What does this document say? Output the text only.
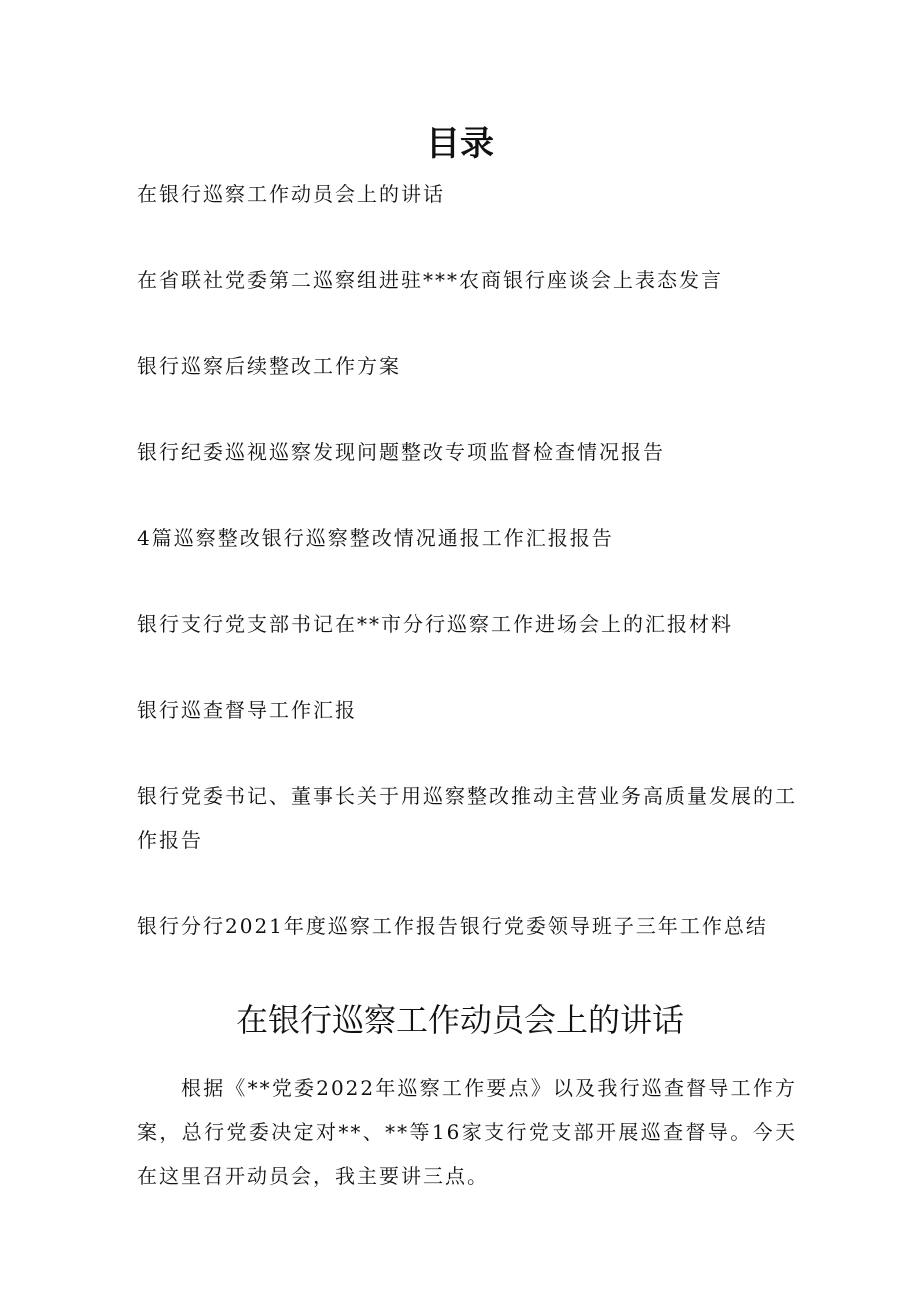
目录
在银行巡察工作动员会上的讲话
在省联社党委第二巡察组进驻***农商银行座谈会上表态发言
银行巡察后续整改工作方案
银行纪委巡视巡察发现问题整改专项监督检查情况报告
4篇巡察整改银行巡察整改情况通报工作汇报报告
银行支行党支部书记在**市分行巡察工作进场会上的汇报材料
银行巡查督导工作汇报
银行党委书记、董事长关于用巡察整改推动主营业务高质量发展的工作报告
银行分行2021年度巡察工作报告银行党委领导班子三年工作总结
在银行巡察工作动员会上的讲话
根据《**党委2022年巡察工作要点》以及我行巡查督导工作方案，总行党委决定对**、**等16家支行党支部开展巡查督导。今天在这里召开动员会，我主要讲三点。
